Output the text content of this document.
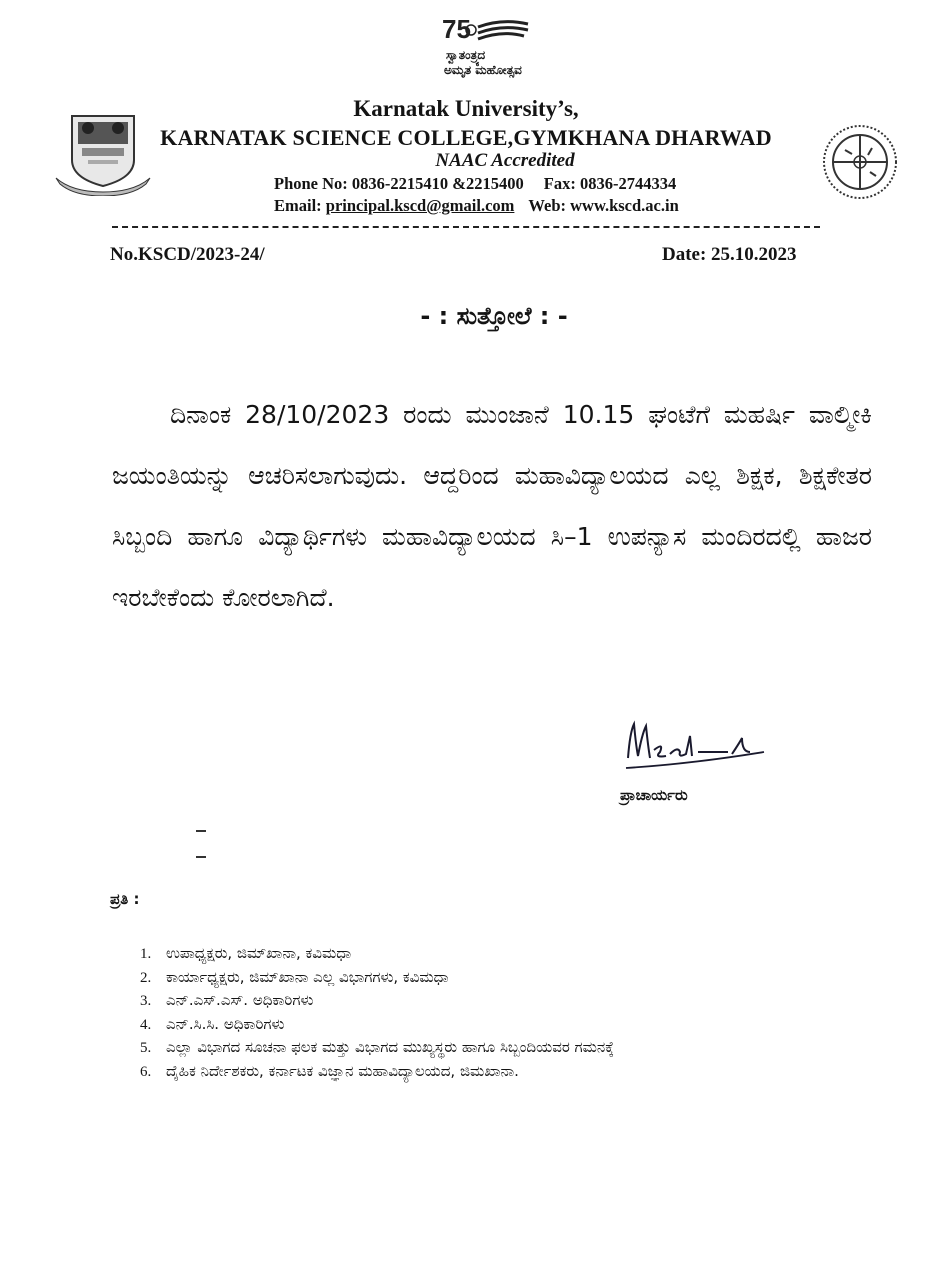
75
ಸ್ವಾತಂತ್ರ್ಯದ
ಅಮೃತ ಮಹೋತ್ಸವ
Karnatak University’s,
KARNATAK SCIENCE COLLEGE,GYMKHANA DHARWAD
NAAC Accredited
Phone No: 0836-2215410 &2215400 Fax: 0836-2744334
Email: principal.kscd@gmail.com Web: www.kscd.ac.in
No.KSCD/2023-24/	Date: 25.10.2023
- : ಸುತ್ತೋಲೆ : -
ದಿನಾಂಕ 28/10/2023 ರಂದು ಮುಂಜಾನೆ 10.15 ಘಂಟೆಗೆ ಮಹರ್ಷಿ ವಾಲ್ಮೀಕಿ ಜಯಂತಿಯನ್ನು ಆಚರಿಸಲಾಗುವುದು. ಆದ್ದರಿಂದ ಮಹಾವಿದ್ಯಾಲಯದ ಎಲ್ಲ ಶಿಕ್ಷಕ, ಶಿಕ್ಷಕೇತರ ಸಿಬ್ಬಂದಿ ಹಾಗೂ ವಿದ್ಯಾರ್ಥಿಗಳು ಮಹಾವಿದ್ಯಾಲಯದ ಸಿ–1 ಉಪನ್ಯಾಸ ಮಂದಿರದಲ್ಲಿ ಹಾಜರ ಇರಬೇಕೆಂದು ಕೋರಲಾಗಿದೆ.
ಪ್ರಾಚಾರ್ಯರು
ಪ್ರತಿ :
1. ಉಪಾಧ್ಯಕ್ಷರು, ಜಿಮ್‌ಖಾನಾ, ಕವಿಮಧಾ
2. ಕಾರ್ಯಾಧ್ಯಕ್ಷರು, ಜಿಮ್‌ಖಾನಾ ಎಲ್ಲ ವಿಭಾಗಗಳು, ಕವಿಮಧಾ
3. ಎನ್.ಎಸ್.ಎಸ್. ಅಧಿಕಾರಿಗಳು
4. ಎನ್.ಸಿ.ಸಿ. ಅಧಿಕಾರಿಗಳು
5. ಎಲ್ಲಾ ವಿಭಾಗದ ಸೂಚನಾ ಫಲಕ ಮತ್ತು ವಿಭಾಗದ ಮುಖ್ಯಸ್ಥರು ಹಾಗೂ ಸಿಬ್ಬಂದಿಯವರ ಗಮನಕ್ಕೆ
6. ದೈಹಿಕ ನಿರ್ದೇಶಕರು, ಕರ್ನಾಟಕ ವಿಜ್ಞಾನ ಮಹಾವಿದ್ಯಾಲಯದ, ಜಿಮಖಾನಾ.
